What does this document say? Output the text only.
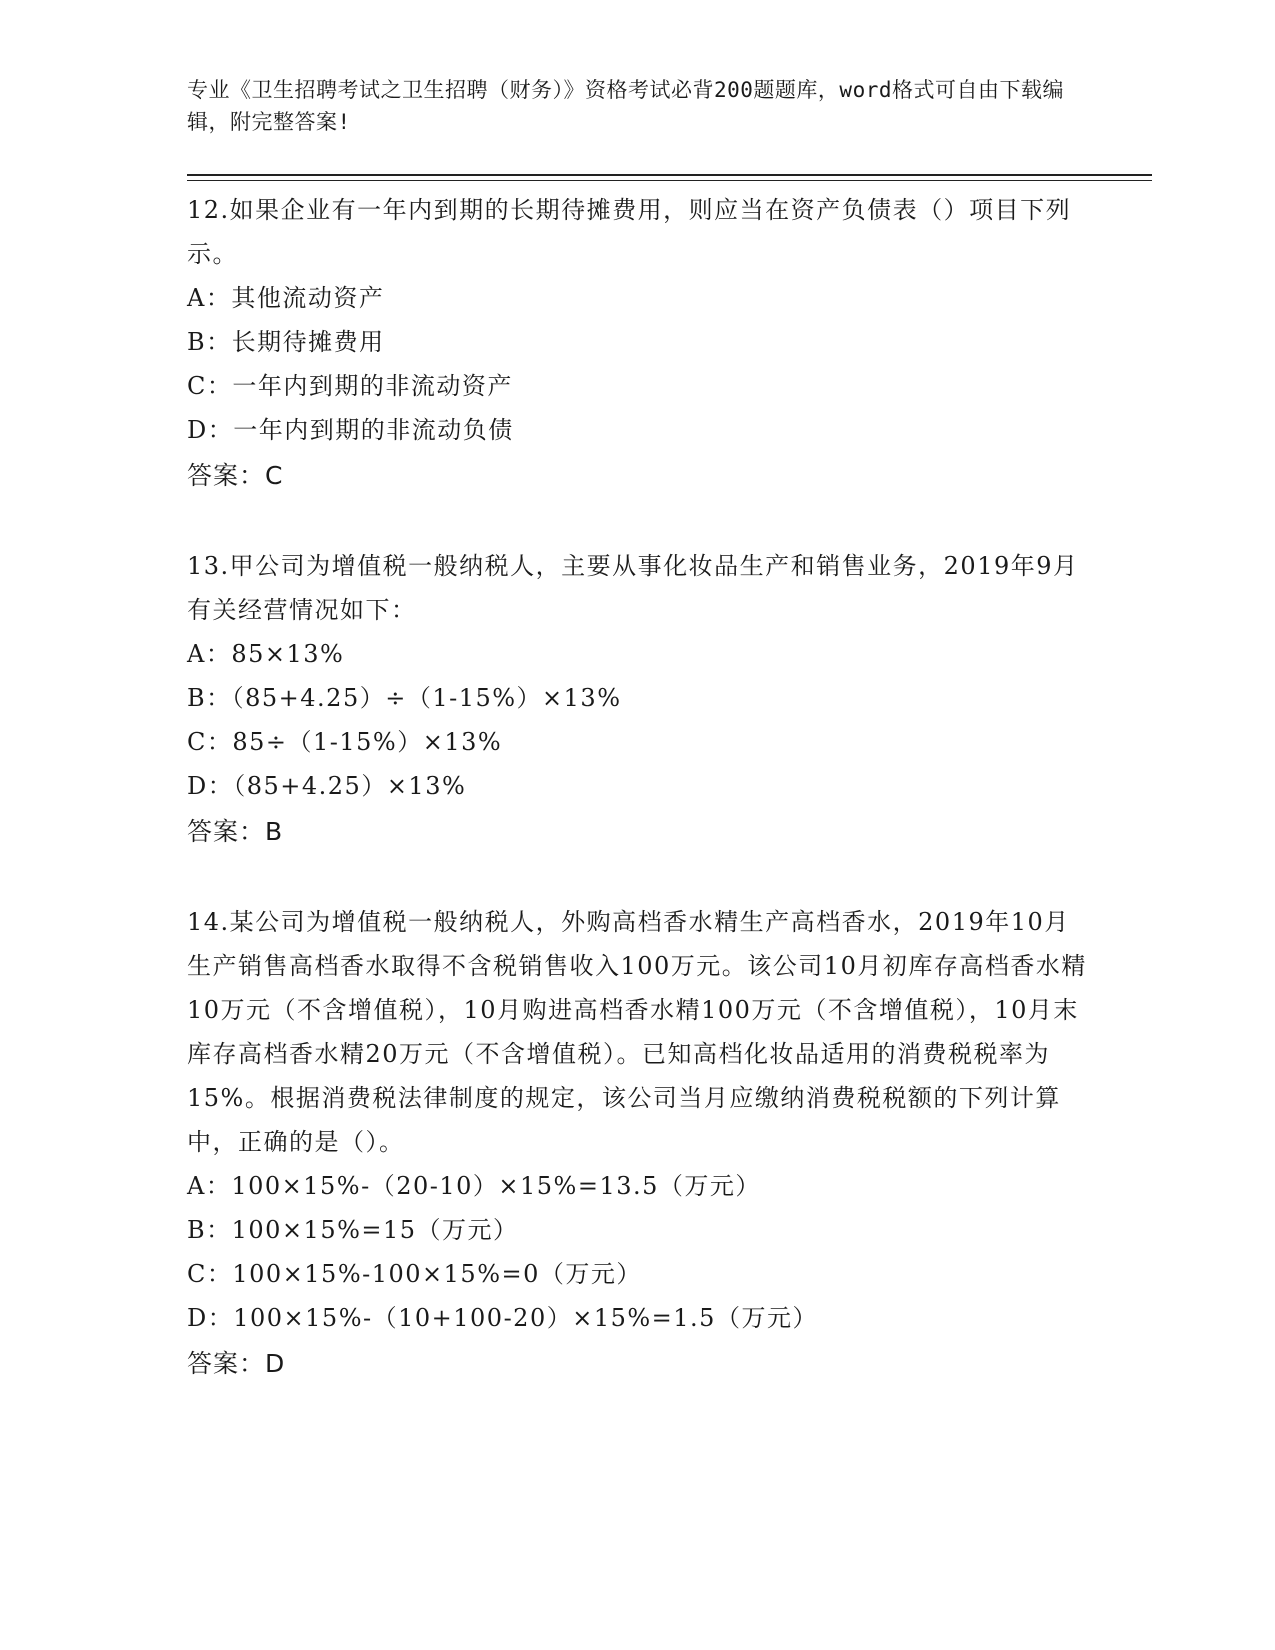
专业《卫生招聘考试之卫生招聘（财务）》资格考试必背200题题库，word格式可自由下载编辑，附完整答案!

12.如果企业有一年内到期的长期待摊费用，则应当在资产负债表（）项目下列示。

A：其他流动资产

B：长期待摊费用

C：一年内到期的非流动资产

D：一年内到期的非流动负债

答案：C

13.甲公司为增值税一般纳税人，主要从事化妆品生产和销售业务，2019年9月有关经营情况如下：

A：85×13%

B：（85+4.25）÷（1-15%）×13%

C：85÷（1-15%）×13%

D：（85+4.25）×13%

答案：B

14.某公司为增值税一般纳税人，外购高档香水精生产高档香水，2019年10月生产销售高档香水取得不含税销售收入100万元。该公司10月初库存高档香水精10万元（不含增值税），10月购进高档香水精100万元（不含增值税），10月末库存高档香水精20万元（不含增值税）。已知高档化妆品适用的消费税税率为15%。根据消费税法律制度的规定，该公司当月应缴纳消费税税额的下列计算中，正确的是（）。

A：100×15%-（20-10）×15%=13.5（万元）

B：100×15%=15（万元）

C：100×15%-100×15%=0（万元）

D：100×15%-（10+100-20）×15%=1.5（万元）

答案：D
